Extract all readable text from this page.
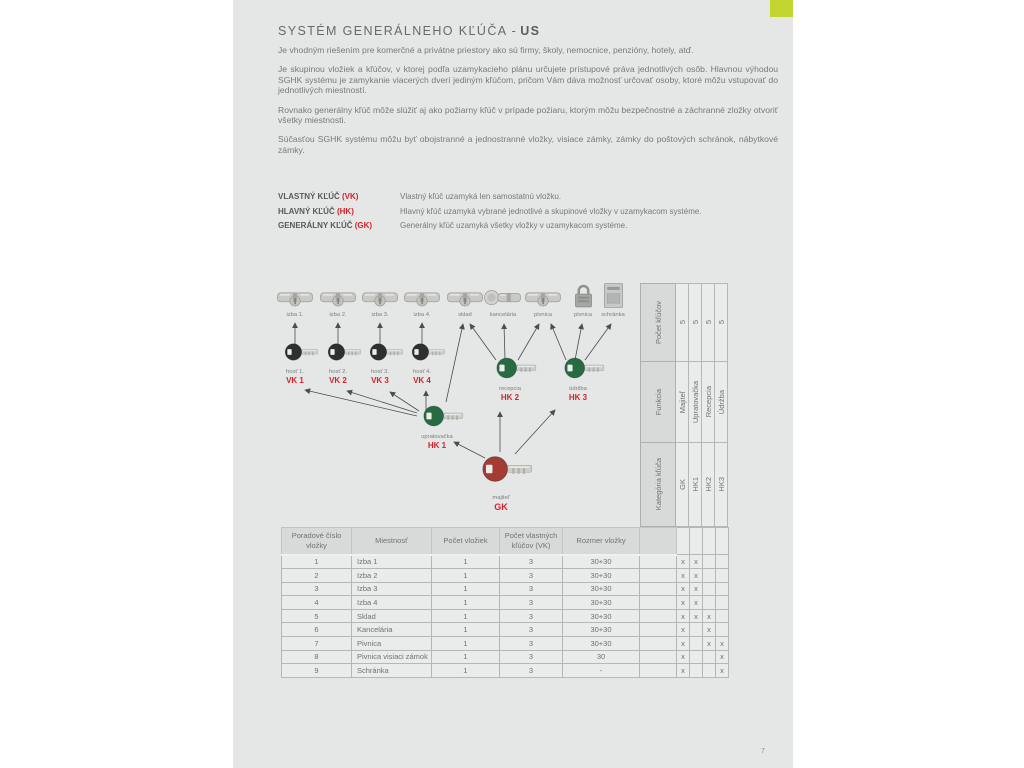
SYSTÉM GENERÁLNEHO KĽÚČA - US

Je vhodným riešením pre komerčné a privátne priestory ako sú firmy, školy, nemocnice, penzióny, hotely, atď.

Je skupinou vložiek a kľúčov, v ktorej podľa uzamykacieho plánu určujete prístupové práva jednotlivých osôb. Hlavnou výhodou SGHK systému je zamykanie viacerých dverí jediným kľúčom, pričom Vám dáva možnosť určovať osoby, ktoré môžu vstupovať do jednotlivých miestností.

Rovnako generálny kľúč môže slúžiť aj ako požiarny kľúč v prípade požiaru, ktorým môžu bezpečnostné a záchranné zložky otvoriť všetky miestnosti.

Súčasťou SGHK systému môžu byť obojstranné a jednostranné vložky, visiace zámky, zámky do poštových schránok, nábytkové zámky.

VLASTNÝ KĽÚČ (VK)	Vlastný kľúč uzamyká len samostatnú vložku.
HLAVNÝ KĽÚČ (HK)	Hlavný kľúč uzamyká vybrané jednotlivé a skupinové vložky v uzamykacom systéme.
GENERÁLNY KĽÚČ (GK)	Generálny kľúč uzamyká všetky vložky v uzamykacom systéme.
izba 1.	izba 2.	izba 3.	izba 4.	sklad	kancelária	pivnica	pivnica	schránka
hosť 1.
VK 1
hosť 2.
VK 2
hosť 3.
VK 3
hosť 4.
VK 4
recepcia
HK 2
údržba
HK 3
upratovačka
HK 1
majiteľ
GK
Počet kľúčov 5 5 5 5
Funkcia Majiteľ Upratovačka Recepcia Údržba
Kategória kľúča GK HK1 HK2 HK3
Poradové číslo vložky	Miestnosť	Počet vložiek	Počet vlastných kľúčov (VK)	Rozmer vložky					
1	Izba 1	1	3	30+30		x	x		
2	Izba 2	1	3	30+30		x	x		
3	Izba 3	1	3	30+30		x	x		
4	Izba 4	1	3	30+30		x	x		
5	Sklad	1	3	30+30		x	x	x	
6	Kancelária	1	3	30+30		x		x	
7	Pivnica	1	3	30+30		x		x	x
8	Pivnica visiaci zámok	1	3	30		x			x
9	Schránka	1	3	-		x			x
7
